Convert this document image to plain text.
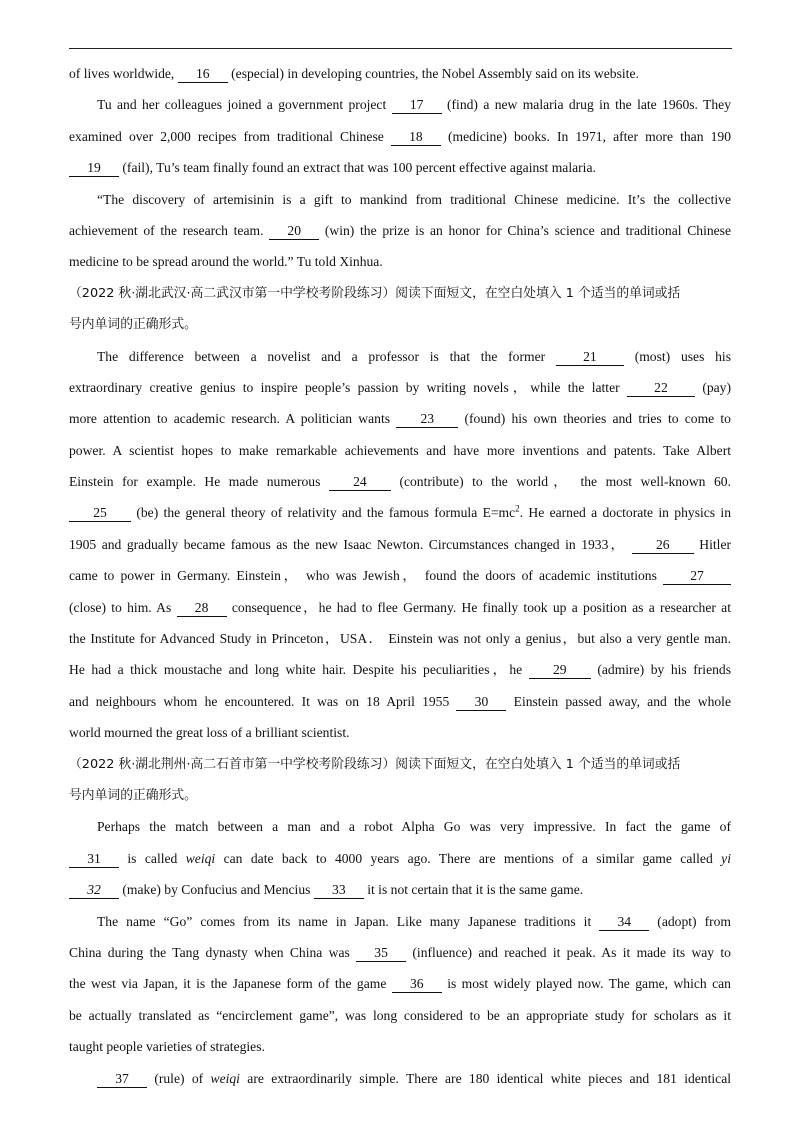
of lives worldwide, 16 (especial) in developing countries, the Nobel Assembly said on its website.
Tu and her colleagues joined a government project 17 (find) a new malaria drug in the late 1960s. They
examined over 2,000 recipes from traditional Chinese 18 (medicine) books. In 1971, after more than 190
19 (fail), Tu’s team finally found an extract that was 100 percent effective against malaria.
“The discovery of artemisinin is a gift to mankind from traditional Chinese medicine. It’s the collective
achievement of the research team. 20 (win) the prize is an honor for China’s science and traditional Chinese
medicine to be spread around the world.” Tu told Xinhua.
（2022 秋·湖北武汉·高二武汉市第一中学校考阶段练习）阅读下面短文，在空白处填入 1 个适当的单词或括
号内单词的正确形式。
The difference between a novelist and a professor is that the former	21	(most) uses his
extraordinary creative genius to inspire people’s passion by writing novels，while the latter	22	(pay)
more attention to academic research. A politician wants 23 (found) his own theories and tries to come to
power. A scientist hopes to make remarkable achievements and have more inventions and patents. Take Albert
Einstein for example. He made numerous 24 (contribute) to the world， the most well-known 60.
25 (be) the general theory of relativity and the famous formula $E=mc^2$. He earned a doctorate in physics in
1905 and gradually became famous as the new Isaac Newton. Circumstances changed in 1933， 26 Hitler
came to power in Germany. Einstein， who was Jewish， found the doors of academic institutions 27
(close) to him. As 28 consequence，he had to flee Germany. He finally took up a position as a researcher at
the Institute for Advanced Study in Princeton，USA． Einstein was not only a genius，but also a very gentle man.
He had a thick moustache and long white hair. Despite his peculiarities，he 29 (admire) by his friends
and neighbours whom he encountered. It was on 18 April 1955 30 Einstein passed away, and the whole
world mourned the great loss of a brilliant scientist.
（2022 秋·湖北荆州·高二石首市第一中学校考阶段练习）阅读下面短文，在空白处填入 1 个适当的单词或括
号内单词的正确形式。
Perhaps the match between a man and a robot Alpha Go was very impressive. In fact the game of
31 is called weiqi can date back to 4000 years ago. There are mentions of a similar game called yi
32 (make) by Confucius and Mencius 33 it is not certain that it is the same game.
The name “Go” comes from its name in Japan. Like many Japanese traditions it 34 (adopt) from
China during the Tang dynasty when China was 35 (influence) and reached it peak. As it made its way to
the west via Japan, it is the Japanese form of the game 36 is most widely played now. The game, which can
be actually translated as “encirclement game”, was long considered to be an appropriate study for scholars as it
taught people varieties of strategies.
37 (rule) of weiqi are extraordinarily simple. There are 180 identical white pieces and 181 identical
